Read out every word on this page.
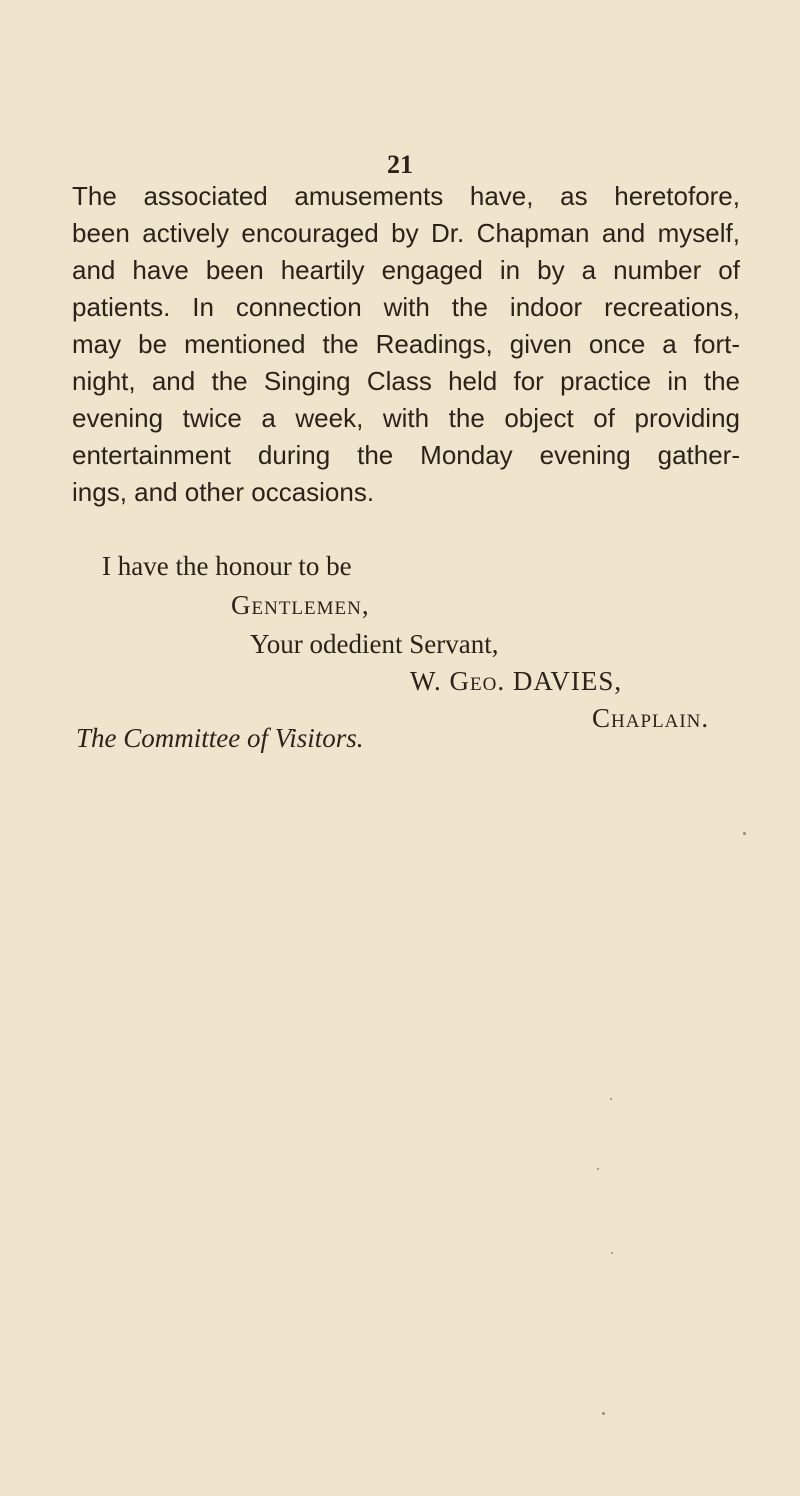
21
The associated amusements have, as heretofore,
been actively encouraged by Dr. Chapman and myself,
and have been heartily engaged in by a number of
patients. In connection with the indoor recreations,
may be mentioned the Readings, given once a fort-
night, and the Singing Class held for practice in the
evening twice a week, with the object of providing
entertainment during the Monday evening gather-
ings, and other occasions.
I have the honour to be
Gentlemen,
Your odedient Servant,
W. Geo. DAVIES,
Chaplain.
The Committee of Visitors.
